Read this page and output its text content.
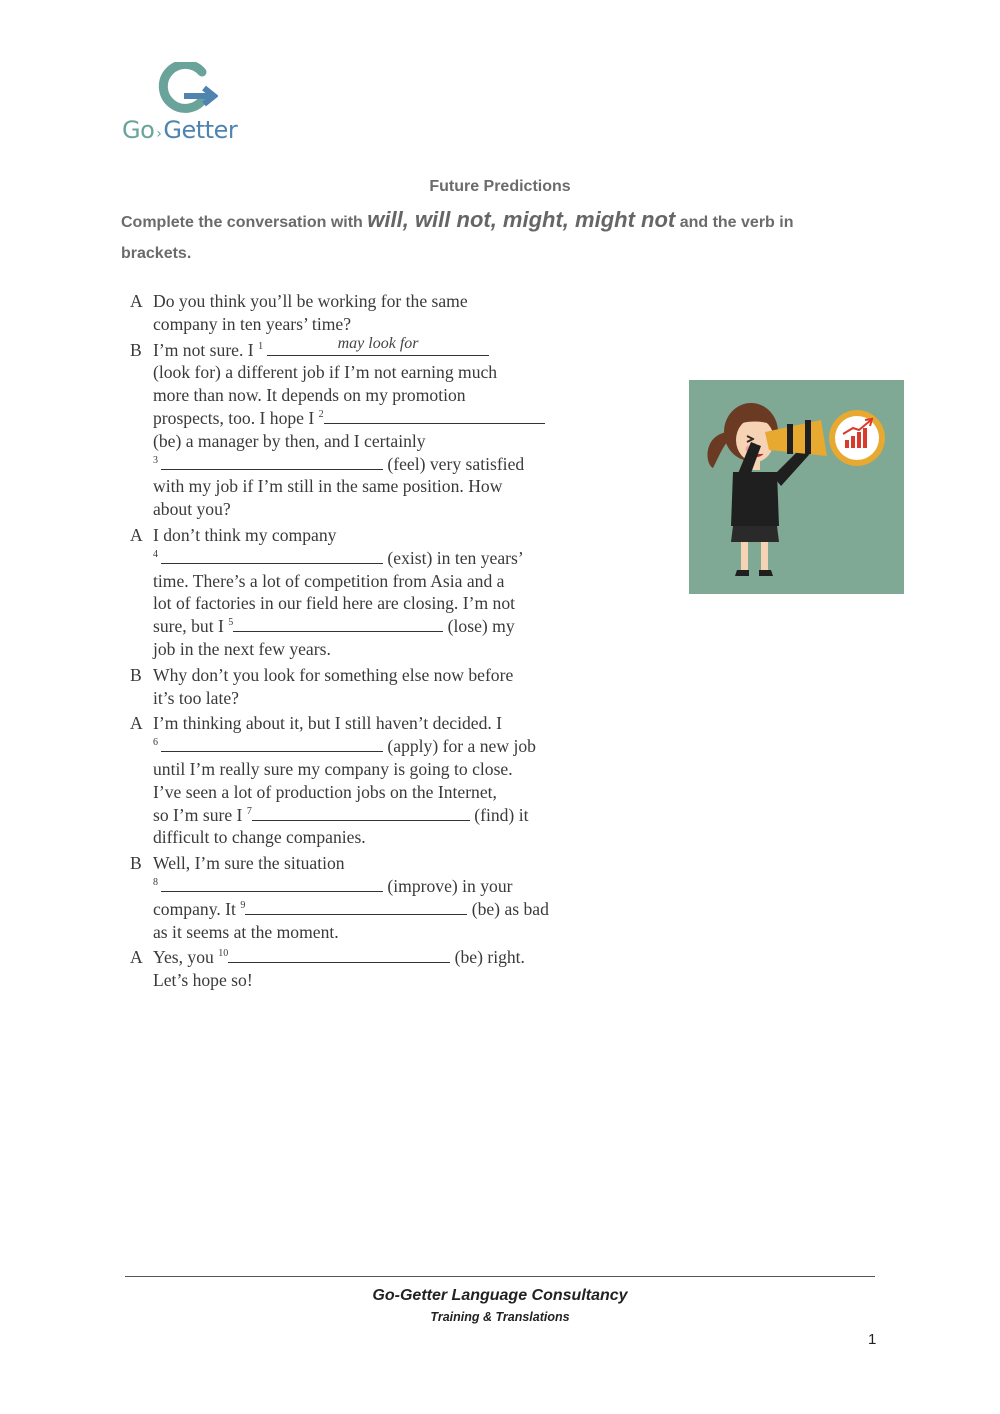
Go ›Getter
Future Predictions
Complete the conversation with will, will not, might, might not and the verb in brackets.
A Do you think you’ll be working for the same
company in ten years’ time?
B I’m not sure. I $^1$	may look for
(look for) a different job if I’m not earning much
more than now. It depends on my promotion
prospects, too. I hope I $^2$
(be) a manager by then, and I certainly
$^3$	(feel) very satisfied
with my job if I’m still in the same position. How
about you?
A I don’t think my company
$^4$	(exist) in ten years’
time. There’s a lot of competition from Asia and a
lot of factories in our field here are closing. I’m not
sure, but I $^5$	(lose) my
job in the next few years.
B Why don’t you look for something else now before
it’s too late?
A I’m thinking about it, but I still haven’t decided. I
$^6$	(apply) for a new job
until I’m really sure my company is going to close.
I’ve seen a lot of production jobs on the Internet,
so I’m sure I $^7$	(find) it
difficult to change companies.
B Well, I’m sure the situation
$^8$	(improve) in your
company. It $^9$	(be) as bad
as it seems at the moment.
A Yes, you $^{10}$	(be) right.
Let’s hope so!
Go-Getter Language Consultancy
Training & Translations
1
